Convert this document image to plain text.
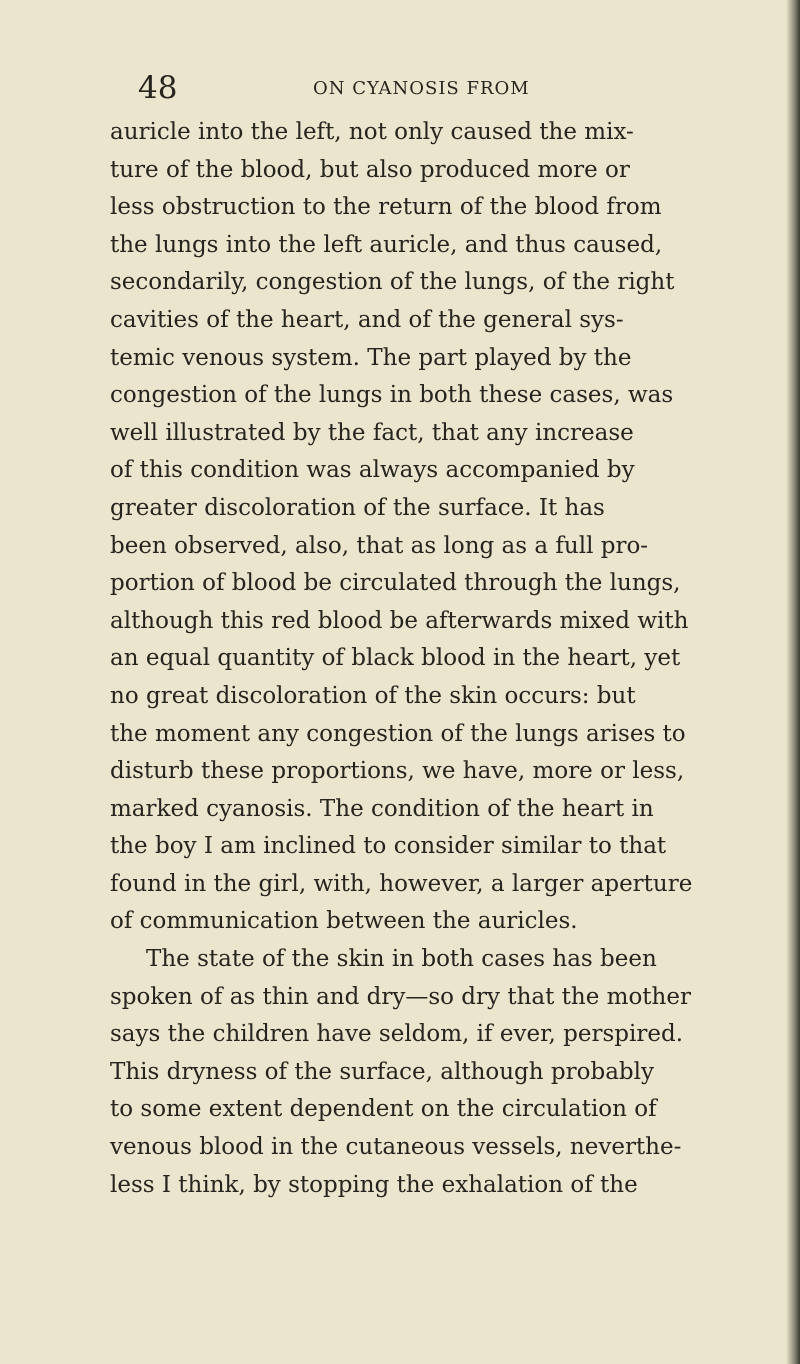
48	ON CYANOSIS FROM
auricle into the left, not only caused the mix-
ture of the blood, but also produced more or
less obstruction to the return of the blood from
the lungs into the left auricle, and thus caused,
secondarily, congestion of the lungs, of the right
cavities of the heart, and of the general sys-
temic venous system. The part played by the
congestion of the lungs in both these cases, was
well illustrated by the fact, that any increase
of this condition was always accompanied by
greater discoloration of the surface. It has
been observed, also, that as long as a full pro-
portion of blood be circulated through the lungs,
although this red blood be afterwards mixed with
an equal quantity of black blood in the heart, yet
no great discoloration of the skin occurs: but
the moment any congestion of the lungs arises to
disturb these proportions, we have, more or less,
marked cyanosis. The condition of the heart in
the boy I am inclined to consider similar to that
found in the girl, with, however, a larger aperture
of communication between the auricles.
The state of the skin in both cases has been
spoken of as thin and dry—so dry that the mother
says the children have seldom, if ever, perspired.
This dryness of the surface, although probably
to some extent dependent on the circulation of
venous blood in the cutaneous vessels, neverthe-
less I think, by stopping the exhalation of the
